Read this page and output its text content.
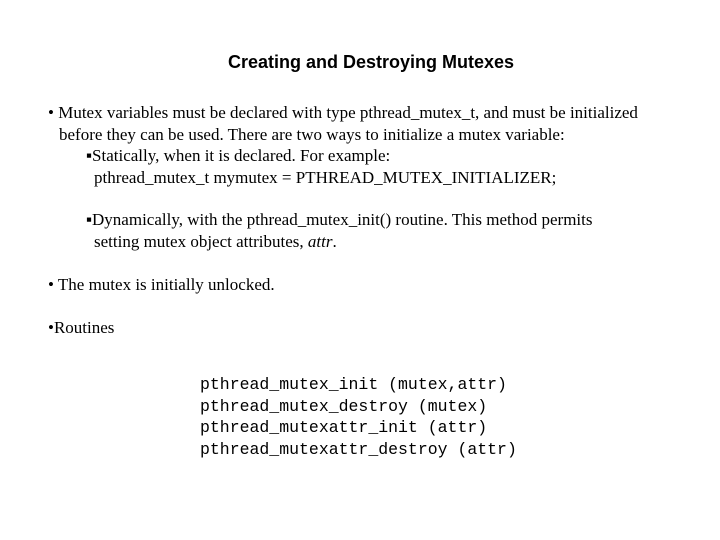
Creating and Destroying Mutexes
• Mutex variables must be declared with type pthread_mutex_t, and must be initialized
before they can be used. There are two ways to initialize a mutex variable:
▪Statically, when it is declared. For example:
pthread_mutex_t mymutex = PTHREAD_MUTEX_INITIALIZER;
▪Dynamically, with the pthread_mutex_init() routine. This method permits
setting mutex object attributes, attr.
• The mutex is initially unlocked.
•Routines
pthread_mutex_init (mutex,attr)
pthread_mutex_destroy (mutex)
pthread_mutexattr_init (attr)
pthread_mutexattr_destroy (attr)
